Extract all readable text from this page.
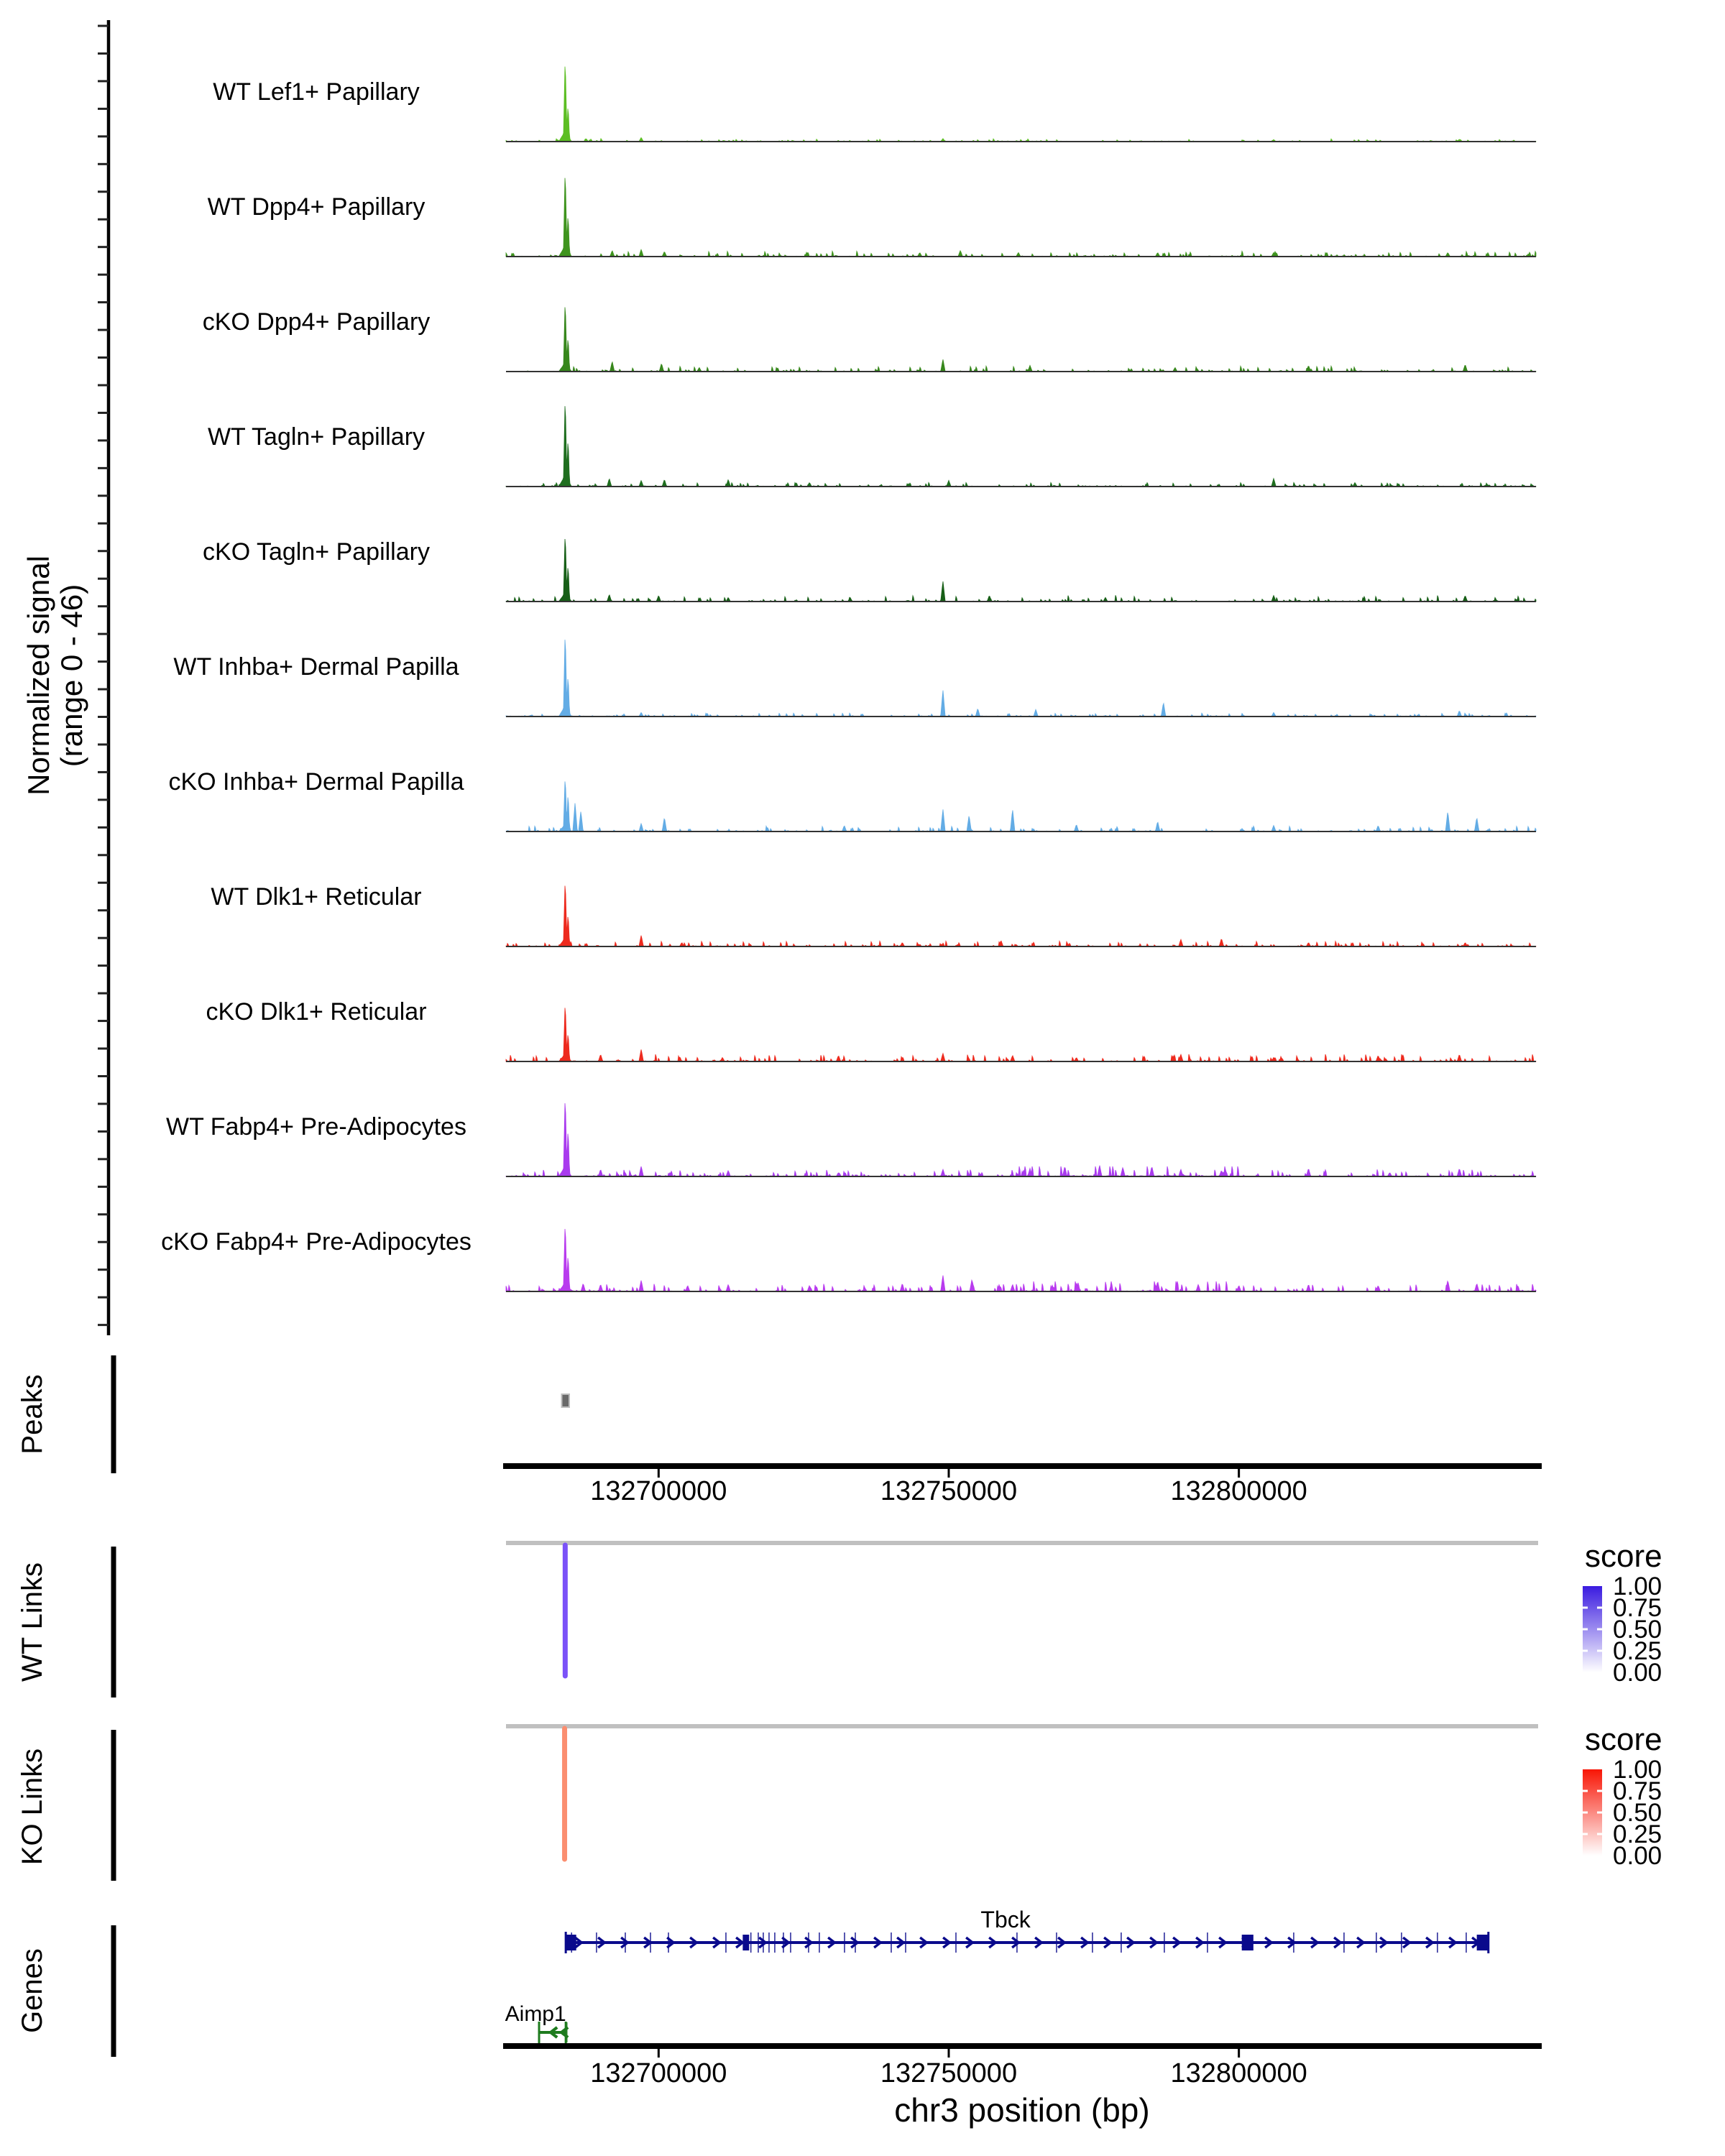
Normalized signal (range 0 - 46)
Peaks
WT Links
KO Links
Genes
score
score
chr3 position (bp)
WT Lef1+ Papillary
WT Dpp4+ Papillary
cKO Dpp4+ Papillary
WT Tagln+ Papillary
cKO Tagln+ Papillary
WT Inhba+ Dermal Papilla
cKO Inhba+ Dermal Papilla
WT Dlk1+ Reticular
cKO Dlk1+ Reticular
WT Fabp4+ Pre-Adipocytes
cKO Fabp4+ Pre-Adipocytes
132700000	132750000	132800000
132700000	132750000	132800000
1.00
0.75
0.50
0.25
0.00
1.00
0.75
0.50
0.25
0.00
Tbck
Aimp1
